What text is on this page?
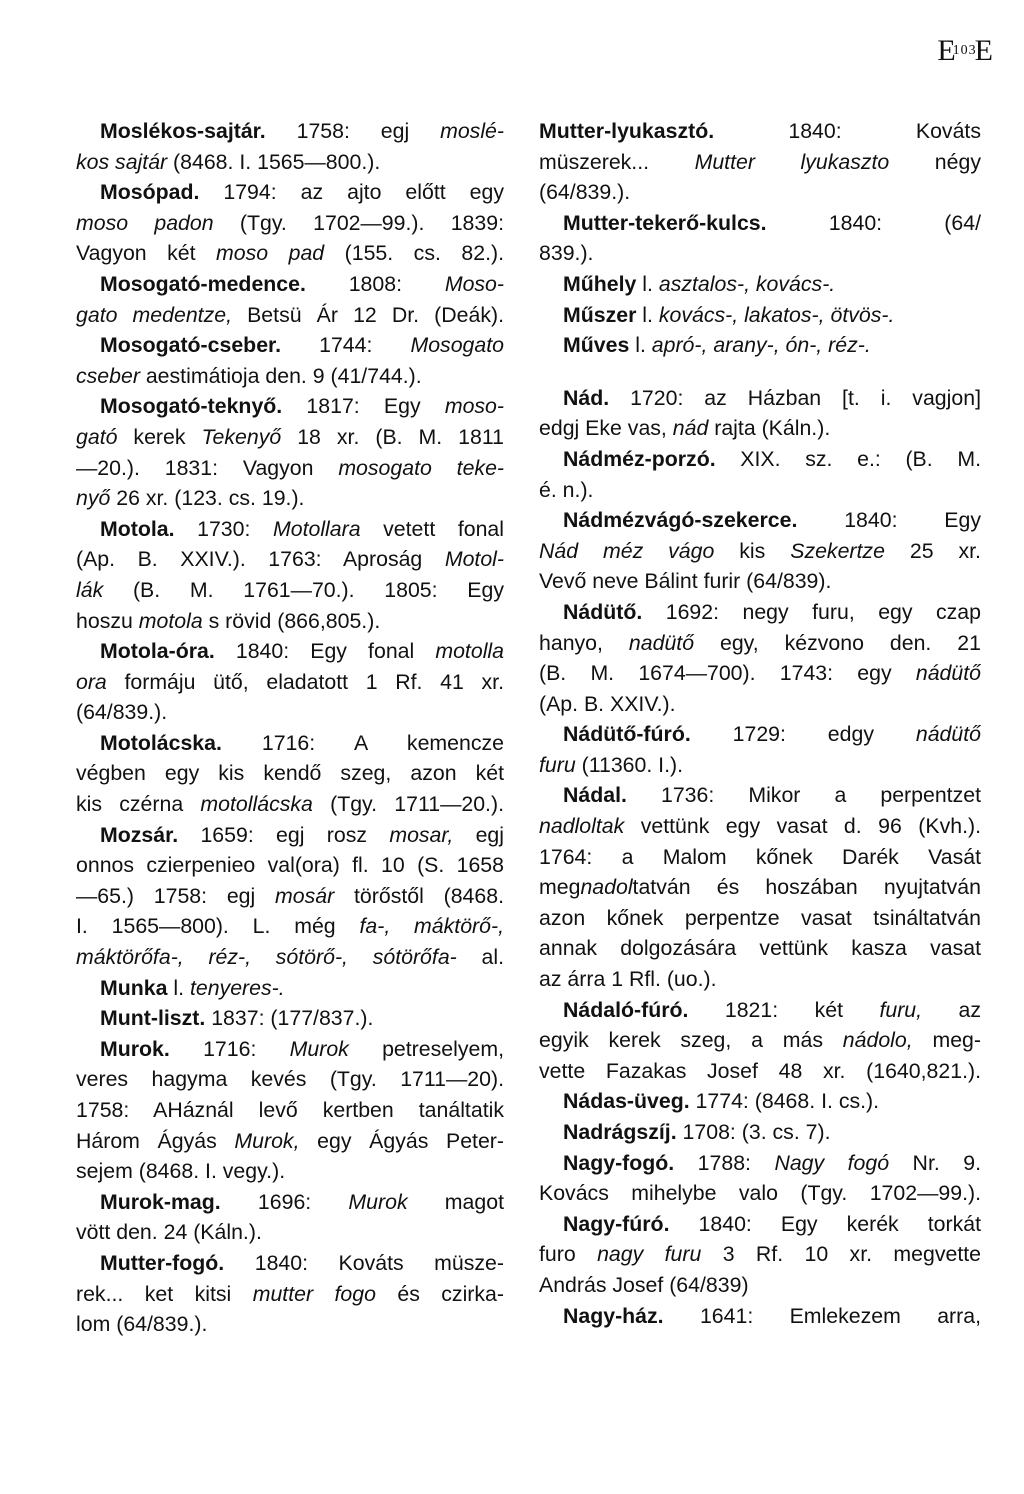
$E^{103}E$
Moslékos-sajtár. 1758: egj moslé-
kos sajtár (8468. I. 1565—800.).
Mosópad. 1794: az ajto előtt egy
moso padon (Tgy. 1702—99.). 1839:
Vagyon két moso pad (155. cs. 82.).
Mosogató-medence. 1808: Moso-
gato medentze, Betsü Ár 12 Dr. (Deák).
Mosogató-cseber. 1744: Mosogato
cseber aestimátioja den. 9 (41/744.).
Mosogató-teknyő. 1817: Egy moso-
gató kerek Tekenyő 18 xr. (B. M. 1811
—20.). 1831: Vagyon mosogato teke-
nyő 26 xr. (123. cs. 19.).
Motola. 1730: Motollara vetett fonal
(Ap. B. XXIV.). 1763: Aproság Motol-
lák (B. M. 1761—70.). 1805: Egy
hoszu motola s rövid (866,805.).
Motola-óra. 1840: Egy fonal motolla
ora formáju ütő, eladatott 1 Rf. 41 xr.
(64/839.).
Motolácska. 1716: A kemencze
végben egy kis kendő szeg, azon két
kis czérna motollácska (Tgy. 1711—20.).
Mozsár. 1659: egj rosz mosar, egj
onnos czierpenieo val(ora) fl. 10 (S. 1658
—65.) 1758: egj mosár törőstől (8468.
I. 1565—800). L. még fa-, máktörő-,
máktörőfa-, réz-, sótörő-, sótörőfa- al.
Munka l. tenyeres-.
Munt-liszt. 1837: (177/837.).
Murok. 1716: Murok petreselyem,
veres hagyma kevés (Tgy. 1711—20).
1758: AHáznál levő kertben tanáltatik
Három Ágyás Murok, egy Ágyás Peter-
sejem (8468. I. vegy.).
Murok-mag. 1696: Murok magot
vött den. 24 (Káln.).
Mutter-fogó. 1840: Kováts müsze-
rek... ket kitsi mutter fogo és czirka-
lom (64/839.).
Mutter-lyukasztó. 1840: Kováts
müszerek... Mutter lyukaszto négy
(64/839.).
Mutter-tekerő-kulcs. 1840: (64/
839.).
Műhely l. asztalos-, kovács-.
Műszer l. kovács-, lakatos-, ötvös-.
Műves l. apró-, arany-, ón-, réz-.
Nád. 1720: az Házban [t. i. vagjon]
edgj Eke vas, nád rajta (Káln.).
Nádméz-porzó. XIX. sz. e.: (B. M.
é. n.).
Nádmézvágó-szekerce. 1840: Egy
Nád méz vágo kis Szekertze 25 xr.
Vevő neve Bálint furir (64/839).
Nádütő. 1692: negy furu, egy czap
hanyo, nadütő egy, kézvono den. 21
(B. M. 1674—700). 1743: egy nádütő
(Ap. B. XXIV.).
Nádütő-fúró. 1729: edgy nádütő
furu (11360. I.).
Nádal. 1736: Mikor a perpentzet
nadloltak vettünk egy vasat d. 96 (Kvh.).
1764: a Malom kőnek Darék Vasát
megnadoltatván és hoszában nyujtatván
azon kőnek perpentze vasat tsináltatván
annak dolgozására vettünk kasza vasat
az árra 1 Rfl. (uo.).
Nádaló-fúró. 1821: két furu, az
egyik kerek szeg, a más nádolo, meg-
vette Fazakas Josef 48 xr. (1640,821.).
Nádas-üveg. 1774: (8468. I. cs.).
Nadrágszíj. 1708: (3. cs. 7).
Nagy-fogó. 1788: Nagy fogó Nr. 9.
Kovács mihelybe valo (Tgy. 1702—99.).
Nagy-fúró. 1840: Egy kerék torkát
furo nagy furu 3 Rf. 10 xr. megvette
András Josef (64/839)
Nagy-ház. 1641: Emlekezem arra,
